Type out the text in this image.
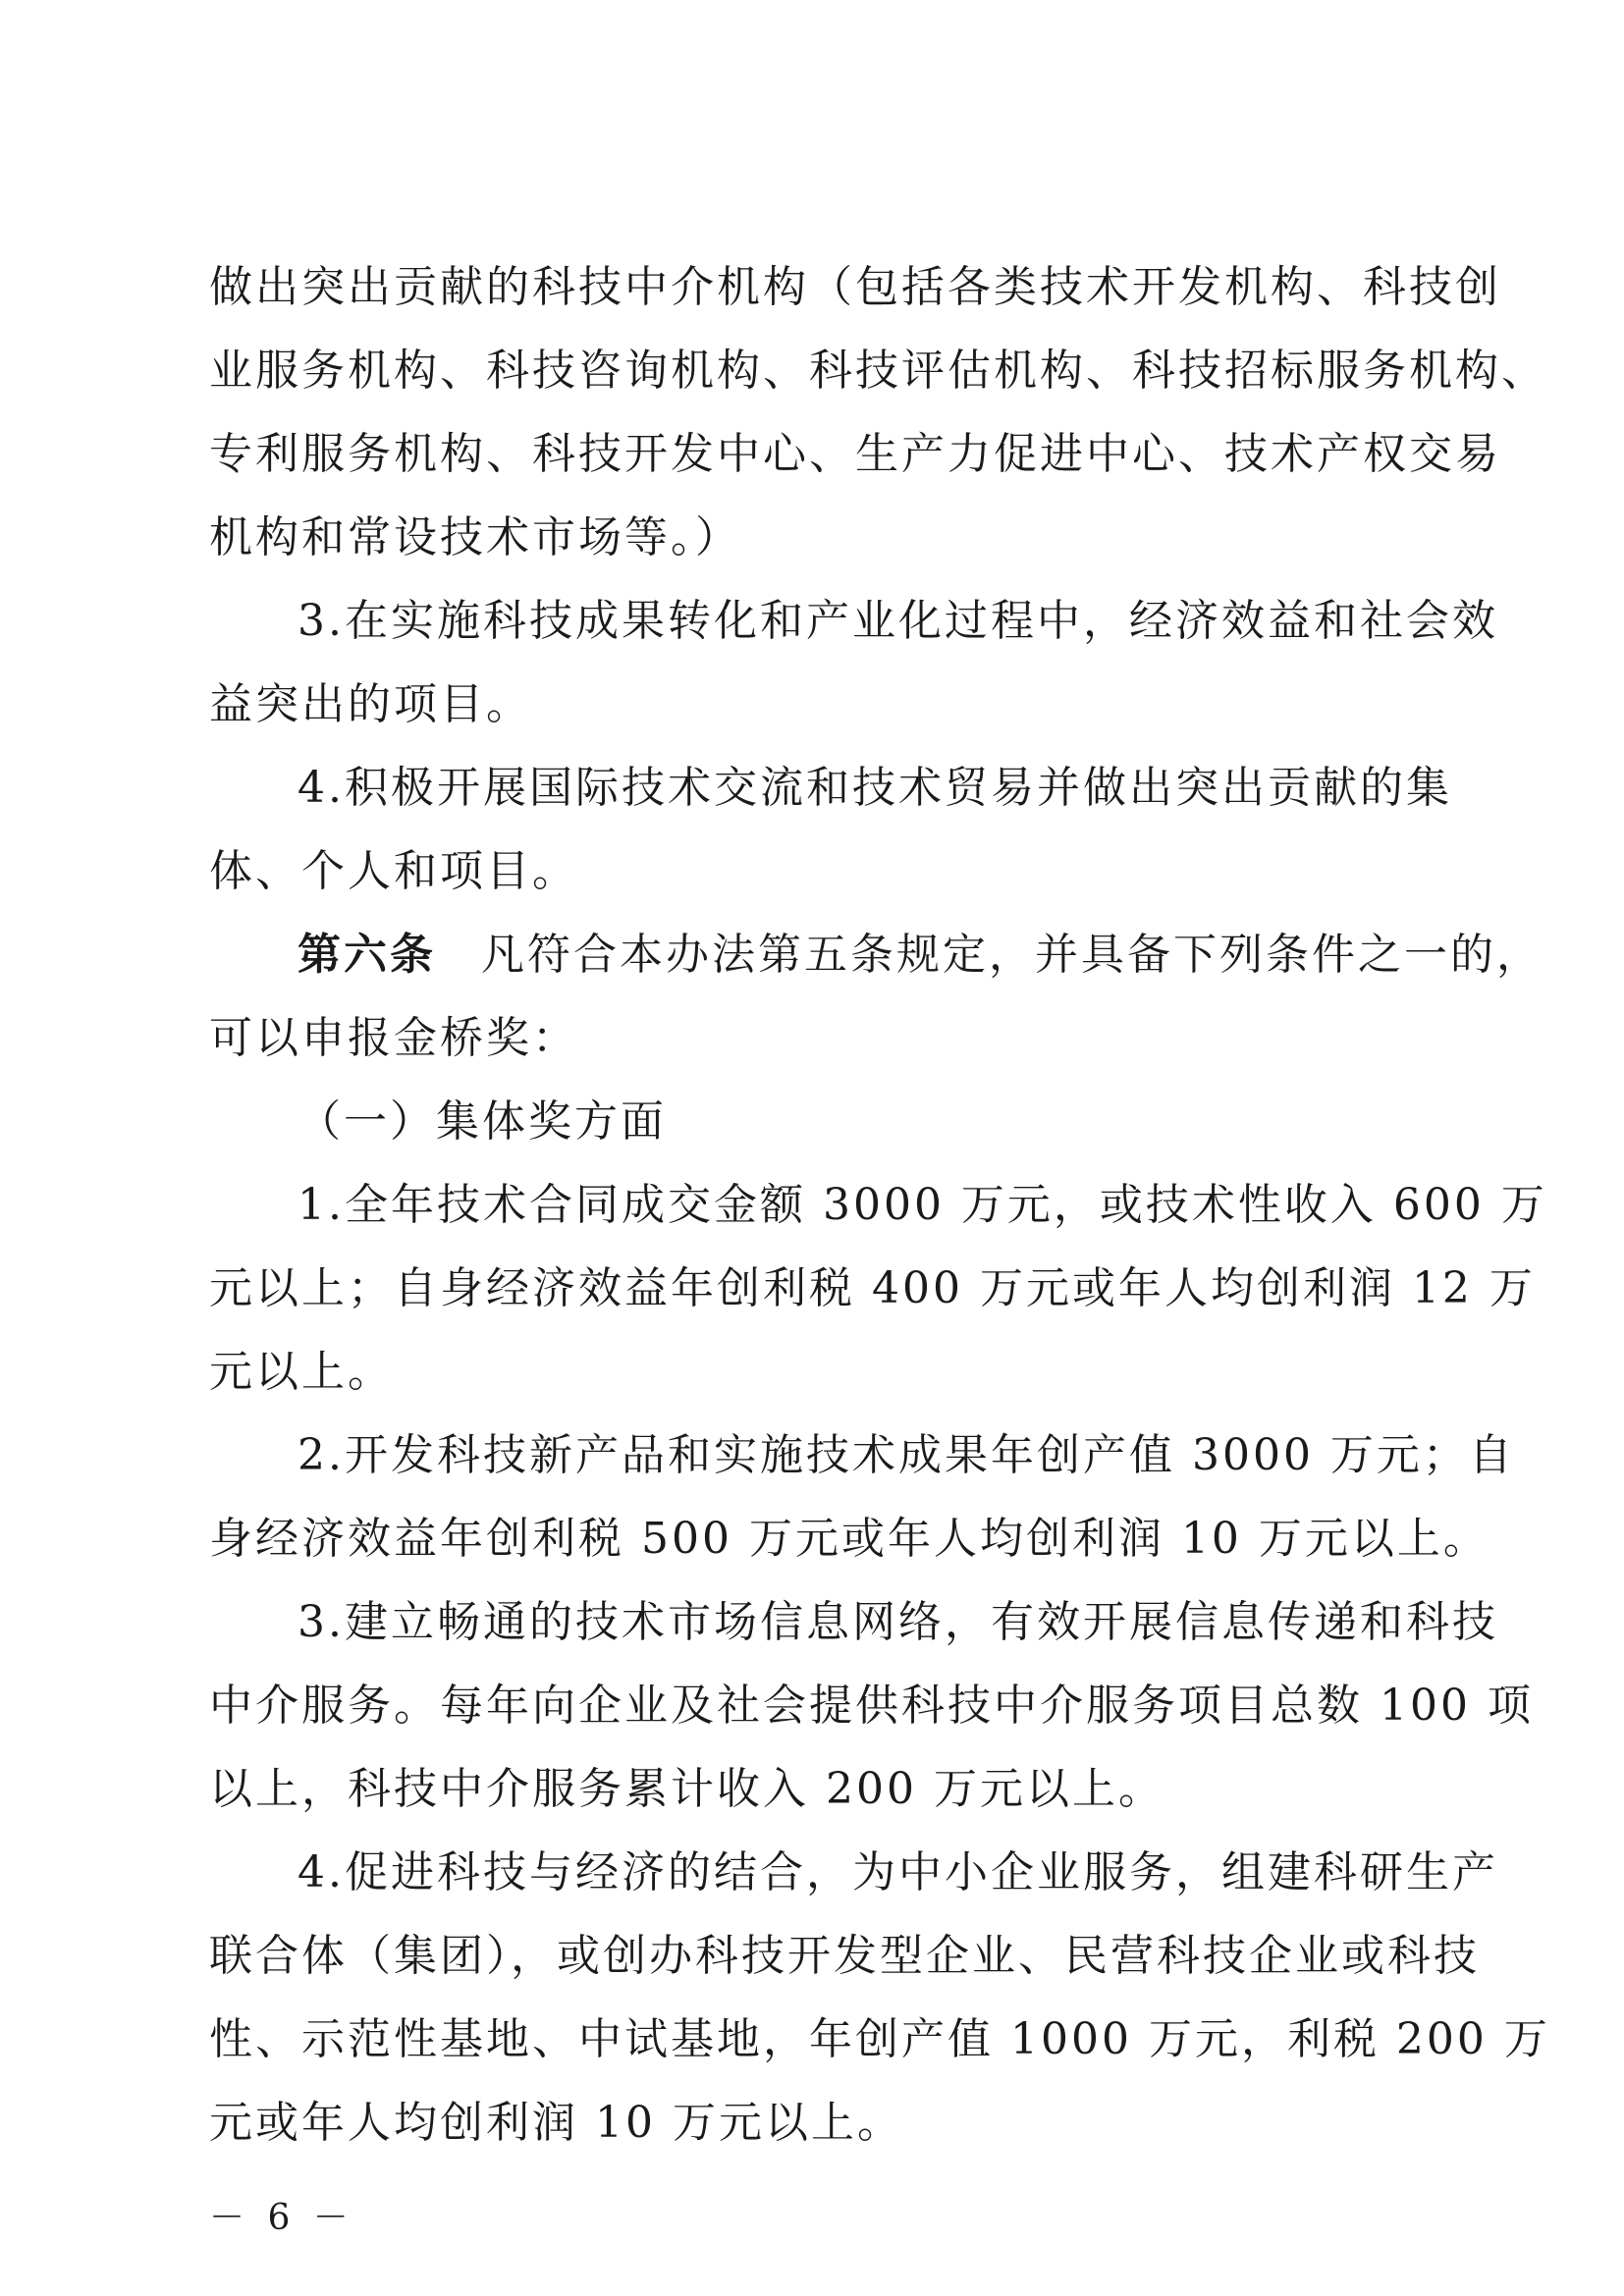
做出突出贡献的科技中介机构（包括各类技术开发机构、科技创
业服务机构、科技咨询机构、科技评估机构、科技招标服务机构、
专利服务机构、科技开发中心、生产力促进中心、技术产权交易
机构和常设技术市场等。）
3.在实施科技成果转化和产业化过程中，经济效益和社会效
益突出的项目。
4.积极开展国际技术交流和技术贸易并做出突出贡献的集
体、个人和项目。
第六条 凡符合本办法第五条规定，并具备下列条件之一的，
可以申报金桥奖：
（一）集体奖方面
1.全年技术合同成交金额 3000 万元，或技术性收入 600 万
元以上；自身经济效益年创利税 400 万元或年人均创利润 12 万
元以上。
2.开发科技新产品和实施技术成果年创产值 3000 万元；自
身经济效益年创利税 500 万元或年人均创利润 10 万元以上。
3.建立畅通的技术市场信息网络，有效开展信息传递和科技
中介服务。每年向企业及社会提供科技中介服务项目总数 100 项
以上，科技中介服务累计收入 200 万元以上。
4.促进科技与经济的结合，为中小企业服务，组建科研生产
联合体（集团），或创办科技开发型企业、民营科技企业或科技
性、示范性基地、中试基地，年创产值 1000 万元，利税 200 万
元或年人均创利润 10 万元以上。
－ 6 －
